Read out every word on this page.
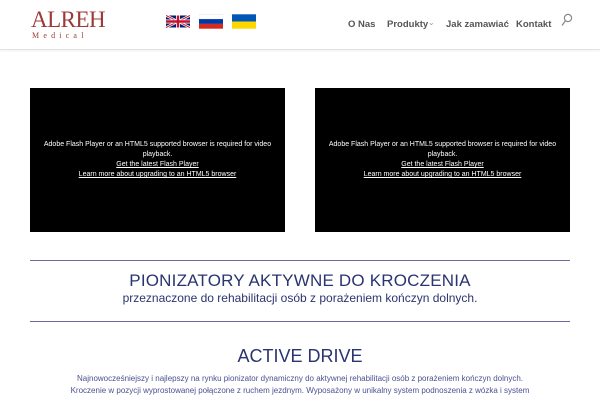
ALREH
Medical
O Nas Produkty ⌄ Jak zamawiać Kontakt
Adobe Flash Player or an HTML5 supported browser is required for video playback.
Get the latest Flash Player
Learn more about upgrading to an HTML5 browser
Adobe Flash Player or an HTML5 supported browser is required for video playback.
Get the latest Flash Player
Learn more about upgrading to an HTML5 browser
PIONIZATORY AKTYWNE DO KROCZENIA
przeznaczone do rehabilitacji osób z porażeniem kończyn dolnych.
ACTIVE DRIVE
Najnowocześniejszy i najlepszy na rynku pionizator dynamiczny do aktywnej rehabilitacji osób z porażeniem kończyn dolnych.
Kroczenie w pozycji wyprostowanej połączone z ruchem jezdnym. Wyposażony w unikalny system podnoszenia z wózka i system
